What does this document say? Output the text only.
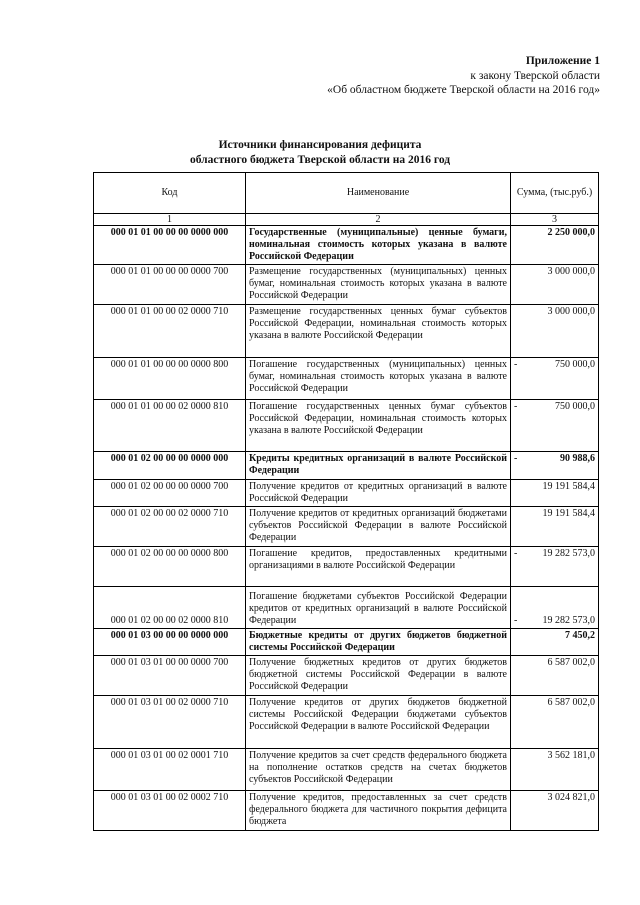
Приложение 1
к закону Тверской области
«Об областном бюджете Тверской области на 2016 год»
Источники финансирования дефицита
областного бюджета Тверской области на 2016 год
Код	Наименование	Сумма, (тыс.руб.)
1	2	3
000 01 01 00 00 00 0000 000	Государственные (муниципальные) ценные бумаги, номинальная стоимость которых указана в валюте Российской Федерации	2 250 000,0
000 01 01 00 00 00 0000 700	Размещение государственных (муниципальных) ценных бумаг, номинальная стоимость которых указана в валюте Российской Федерации	3 000 000,0
000 01 01 00 00 02 0000 710	Размещение государственных ценных бумаг субъектов Российской Федерации, номинальная стоимость которых указана в валюте Российской Федерации	3 000 000,0
000 01 01 00 00 00 0000 800	Погашение государственных (муниципальных) ценных бумаг, номинальная стоимость которых указана в валюте Российской Федерации	- 750 000,0
000 01 01 00 00 02 0000 810	Погашение государственных ценных бумаг субъектов Российской Федерации, номинальная стоимость которых указана в валюте Российской Федерации	- 750 000,0
000 01 02 00 00 00 0000 000	Кредиты кредитных организаций в валюте Российской Федерации	- 90 988,6
000 01 02 00 00 00 0000 700	Получение кредитов от кредитных организаций в валюте Российской Федерации	19 191 584,4
000 01 02 00 00 02 0000 710	Получение кредитов от кредитных организаций бюджетами субъектов Российской Федерации в валюте Российской Федерации	19 191 584,4
000 01 02 00 00 00 0000 800	Погашение кредитов, предоставленных кредитными организациями в валюте Российской Федерации	- 19 282 573,0
000 01 02 00 00 02 0000 810	Погашение бюджетами субъектов Российской Федерации кредитов от кредитных организаций в валюте Российской Федерации	- 19 282 573,0
000 01 03 00 00 00 0000 000	Бюджетные кредиты от других бюджетов бюджетной системы Российской Федерации	7 450,2
000 01 03 01 00 00 0000 700	Получение бюджетных кредитов от других бюджетов бюджетной системы Российской Федерации в валюте Российской Федерации	6 587 002,0
000 01 03 01 00 02 0000 710	Получение кредитов от других бюджетов бюджетной системы Российской Федерации бюджетами субъектов Российской Федерации в валюте Российской Федерации	6 587 002,0
000 01 03 01 00 02 0001 710	Получение кредитов за счет средств федерального бюджета на пополнение остатков средств на счетах бюджетов субъектов Российской Федерации	3 562 181,0
000 01 03 01 00 02 0002 710	Получение кредитов, предоставленных за счет средств федерального бюджета для частичного покрытия дефицита бюджета	3 024 821,0
